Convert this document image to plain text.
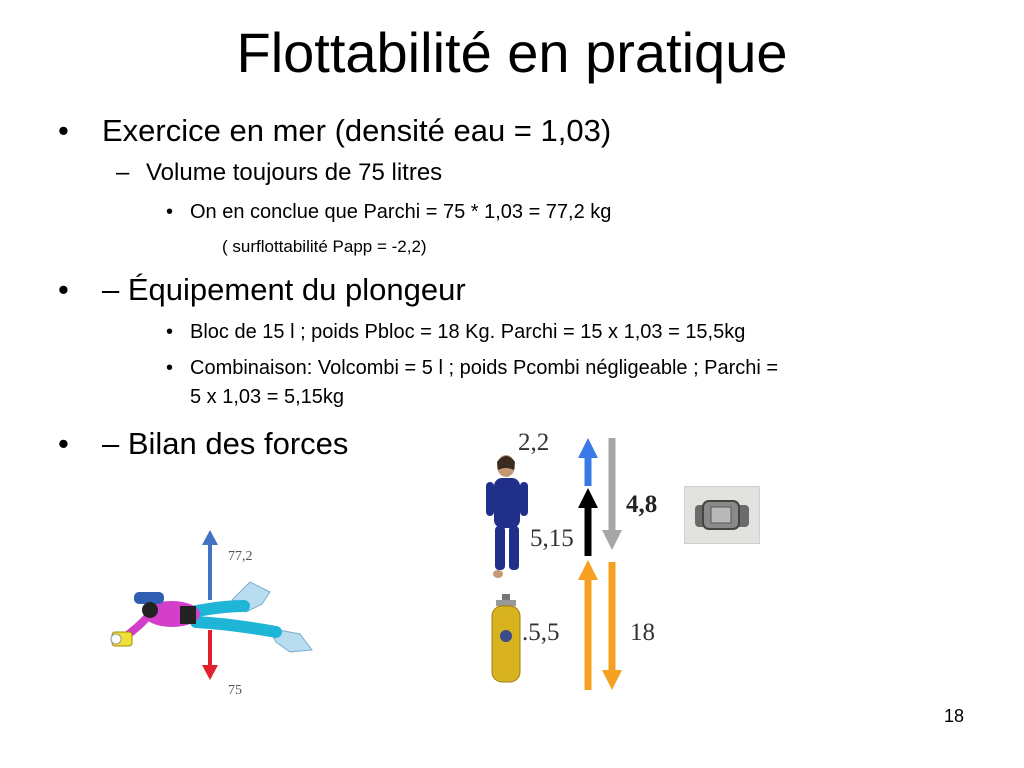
Flottabilité en pratique
• Exercice en mer (densité eau = 1,03)
– Volume toujours de 75 litres
• On en conclue que Parchi = 75 * 1,03 = 77,2 kg
( surflottabilité Papp = -2,2)
• – Équipement du plongeur
• Bloc de 15 l ; poids Pbloc = 18 Kg. Parchi = 15 x 1,03 = 15,5kg
• Combinaison: Volcombi = 5 l ; poids Pcombi négligeable ; Parchi =
5 x 1,03 = 5,15kg
• – Bilan des forces
77,2
75
2,2
4,8
5,15
.5,5	18
18
